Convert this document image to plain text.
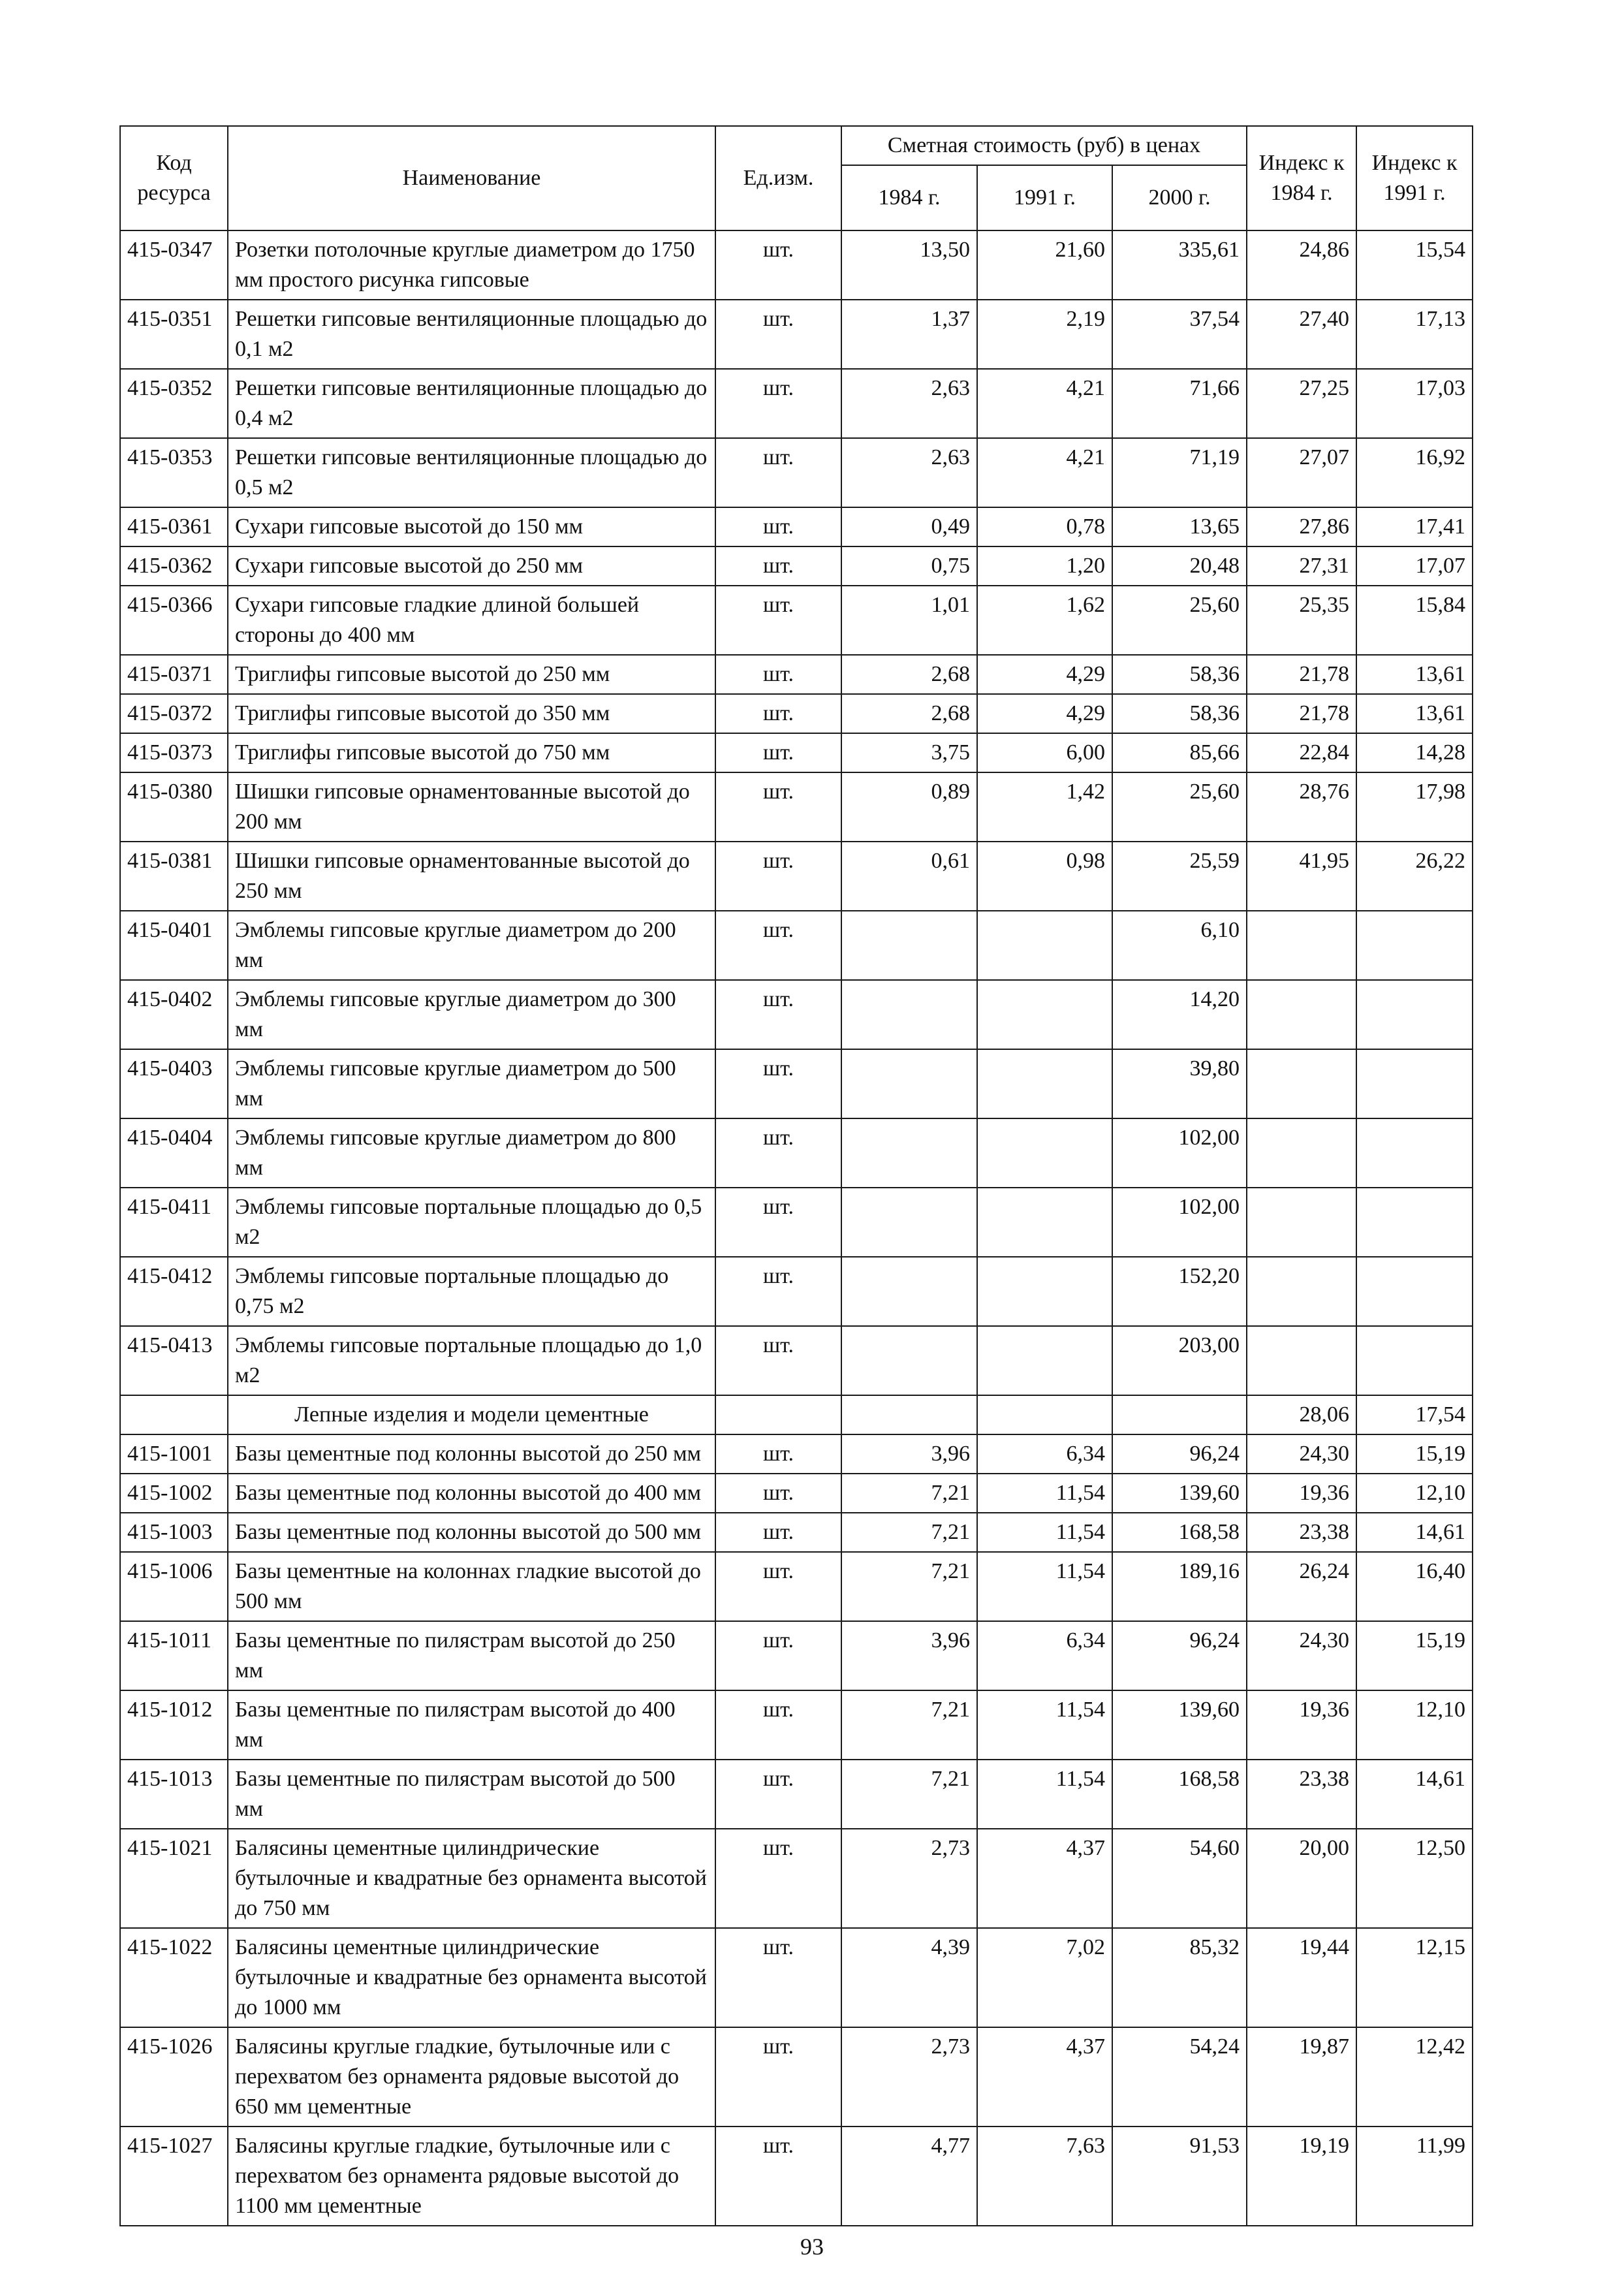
Код ресурса	Наименование	Ед.изм.	Сметная стоимость (руб) в ценах			Индекс к 1984 г.	Индекс к 1991 г.
			1984 г.	1991 г.	2000 г.		
415-0347	Розетки потолочные круглые диаметром до 1750 мм простого рисунка гипсовые	шт.	13,50	21,60	335,61	24,86	15,54
415-0351	Решетки гипсовые вентиляционные площадью до 0,1 м2	шт.	1,37	2,19	37,54	27,40	17,13
415-0352	Решетки гипсовые вентиляционные площадью до 0,4 м2	шт.	2,63	4,21	71,66	27,25	17,03
415-0353	Решетки гипсовые вентиляционные площадью до 0,5 м2	шт.	2,63	4,21	71,19	27,07	16,92
415-0361	Сухари гипсовые высотой до 150 мм	шт.	0,49	0,78	13,65	27,86	17,41
415-0362	Сухари гипсовые высотой до 250 мм	шт.	0,75	1,20	20,48	27,31	17,07
415-0366	Сухари гипсовые гладкие длиной большей стороны до 400 мм	шт.	1,01	1,62	25,60	25,35	15,84
415-0371	Триглифы гипсовые высотой до 250 мм	шт.	2,68	4,29	58,36	21,78	13,61
415-0372	Триглифы гипсовые высотой до 350 мм	шт.	2,68	4,29	58,36	21,78	13,61
415-0373	Триглифы гипсовые высотой до 750 мм	шт.	3,75	6,00	85,66	22,84	14,28
415-0380	Шишки гипсовые орнаментованные высотой до 200 мм	шт.	0,89	1,42	25,60	28,76	17,98
415-0381	Шишки гипсовые орнаментованные высотой до 250 мм	шт.	0,61	0,98	25,59	41,95	26,22
415-0401	Эмблемы гипсовые круглые диаметром до 200 мм	шт.			6,10		
415-0402	Эмблемы гипсовые круглые диаметром до 300 мм	шт.			14,20		
415-0403	Эмблемы гипсовые круглые диаметром до 500 мм	шт.			39,80		
415-0404	Эмблемы гипсовые круглые диаметром до 800 мм	шт.			102,00		
415-0411	Эмблемы гипсовые портальные площадью до 0,5 м2	шт.			102,00		
415-0412	Эмблемы гипсовые портальные площадью до 0,75 м2	шт.			152,20		
415-0413	Эмблемы гипсовые портальные площадью до 1,0 м2	шт.			203,00		
	Лепные изделия и модели цементные					28,06	17,54
415-1001	Базы цементные под колонны высотой до 250 мм	шт.	3,96	6,34	96,24	24,30	15,19
415-1002	Базы цементные под колонны высотой до 400 мм	шт.	7,21	11,54	139,60	19,36	12,10
415-1003	Базы цементные под колонны высотой до 500 мм	шт.	7,21	11,54	168,58	23,38	14,61
415-1006	Базы цементные на колоннах гладкие высотой до 500 мм	шт.	7,21	11,54	189,16	26,24	16,40
415-1011	Базы цементные по пилястрам высотой до 250 мм	шт.	3,96	6,34	96,24	24,30	15,19
415-1012	Базы цементные по пилястрам высотой до 400 мм	шт.	7,21	11,54	139,60	19,36	12,10
415-1013	Базы цементные по пилястрам высотой до 500 мм	шт.	7,21	11,54	168,58	23,38	14,61
415-1021	Балясины цементные цилиндрические бутылочные и квадратные без орнамента высотой до 750 мм	шт.	2,73	4,37	54,60	20,00	12,50
415-1022	Балясины цементные цилиндрические бутылочные и квадратные без орнамента высотой до 1000 мм	шт.	4,39	7,02	85,32	19,44	12,15
415-1026	Балясины круглые гладкие, бутылочные или с перехватом без орнамента рядовые высотой до 650 мм цементные	шт.	2,73	4,37	54,24	19,87	12,42
415-1027	Балясины круглые гладкие, бутылочные или с перехватом без орнамента рядовые высотой до 1100 мм цементные	шт.	4,77	7,63	91,53	19,19	11,99
93
